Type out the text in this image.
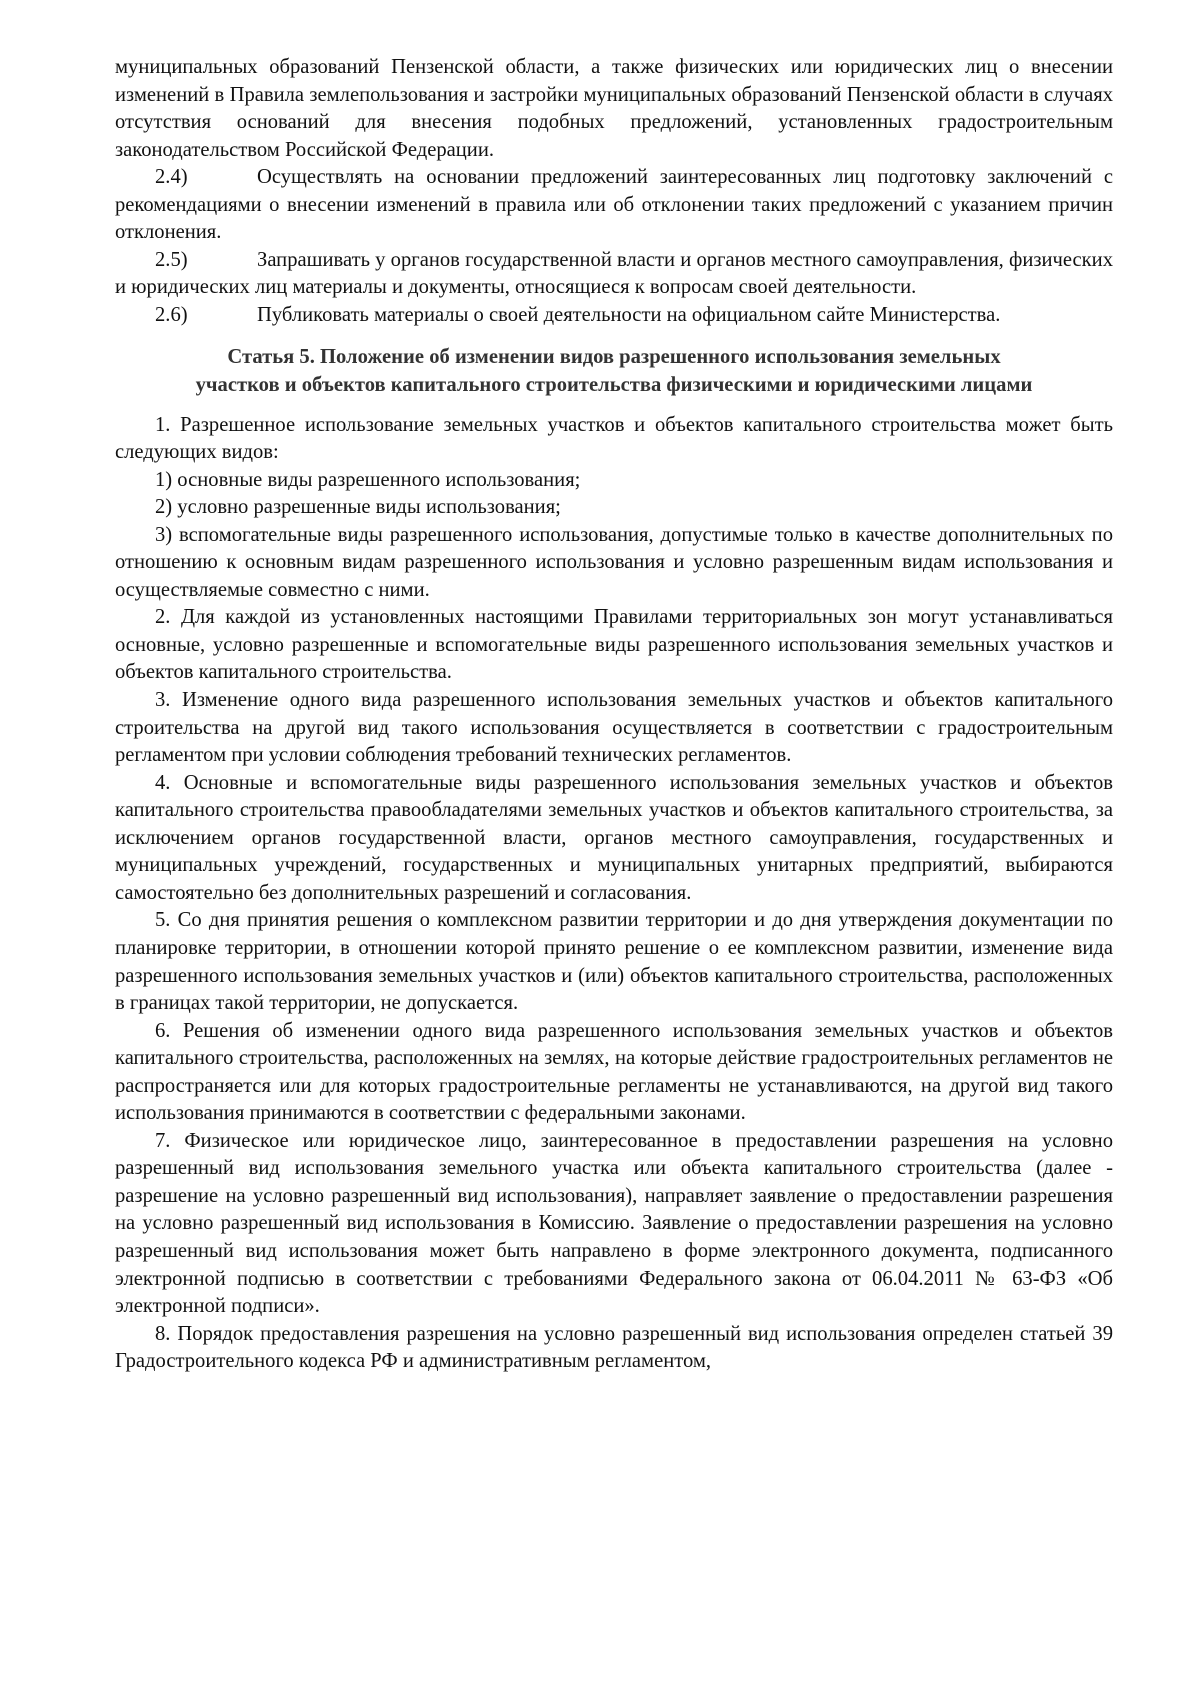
муниципальных образований Пензенской области, а также физических или юридических лиц о внесении изменений в Правила землепользования и застройки муниципальных образований Пензенской области в случаях отсутствия оснований для внесения подобных предложений, установленных градостроительным законодательством Российской Федерации.

2.4)	Осуществлять на основании предложений заинтересованных лиц подготовку заключений с рекомендациями о внесении изменений в правила или об отклонении таких предложений с указанием причин отклонения.

2.5)	Запрашивать у органов государственной власти и органов местного самоуправления, физических и юридических лиц материалы и документы, относящиеся к вопросам своей деятельности.

2.6)	Публиковать материалы о своей деятельности на официальном сайте Министерства.

Статья 5. Положение об изменении видов разрешенного использования земельных
участков и объектов капитального строительства физическими и юридическими лицами

1. Разрешенное использование земельных участков и объектов капитального строительства может быть следующих видов:

1) основные виды разрешенного использования;

2) условно разрешенные виды использования;

3) вспомогательные виды разрешенного использования, допустимые только в качестве дополнительных по отношению к основным видам разрешенного использования и условно разрешенным видам использования и осуществляемые совместно с ними.

2. Для каждой из установленных настоящими Правилами территориальных зон могут устанавливаться основные, условно разрешенные и вспомогательные виды разрешенного использования земельных участков и объектов капитального строительства.

3. Изменение одного вида разрешенного использования земельных участков и объектов капитального строительства на другой вид такого использования осуществляется в соответствии с градостроительным регламентом при условии соблюдения требований технических регламентов.

4. Основные и вспомогательные виды разрешенного использования земельных участков и объектов капитального строительства правообладателями земельных участков и объектов капитального строительства, за исключением органов государственной власти, органов местного самоуправления, государственных и муниципальных учреждений, государственных и муниципальных унитарных предприятий, выбираются самостоятельно без дополнительных разрешений и согласования.

5. Со дня принятия решения о комплексном развитии территории и до дня утверждения документации по планировке территории, в отношении которой принято решение о ее комплексном развитии, изменение вида разрешенного использования земельных участков и (или) объектов капитального строительства, расположенных в границах такой территории, не допускается.

6. Решения об изменении одного вида разрешенного использования земельных участков и объектов капитального строительства, расположенных на землях, на которые действие градостроительных регламентов не распространяется или для которых градостроительные регламенты не устанавливаются, на другой вид такого использования принимаются в соответствии с федеральными законами.

7. Физическое или юридическое лицо, заинтересованное в предоставлении разрешения на условно разрешенный вид использования земельного участка или объекта капитального строительства (далее - разрешение на условно разрешенный вид использования), направляет заявление о предоставлении разрешения на условно разрешенный вид использования в Комиссию. Заявление о предоставлении разрешения на условно разрешенный вид использования может быть направлено в форме электронного документа, подписанного электронной подписью в соответствии с требованиями Федерального закона от 06.04.2011 № 63-ФЗ «Об электронной подписи».

8. Порядок предоставления разрешения на условно разрешенный вид использования определен статьей 39 Градостроительного кодекса РФ и административным регламентом,
